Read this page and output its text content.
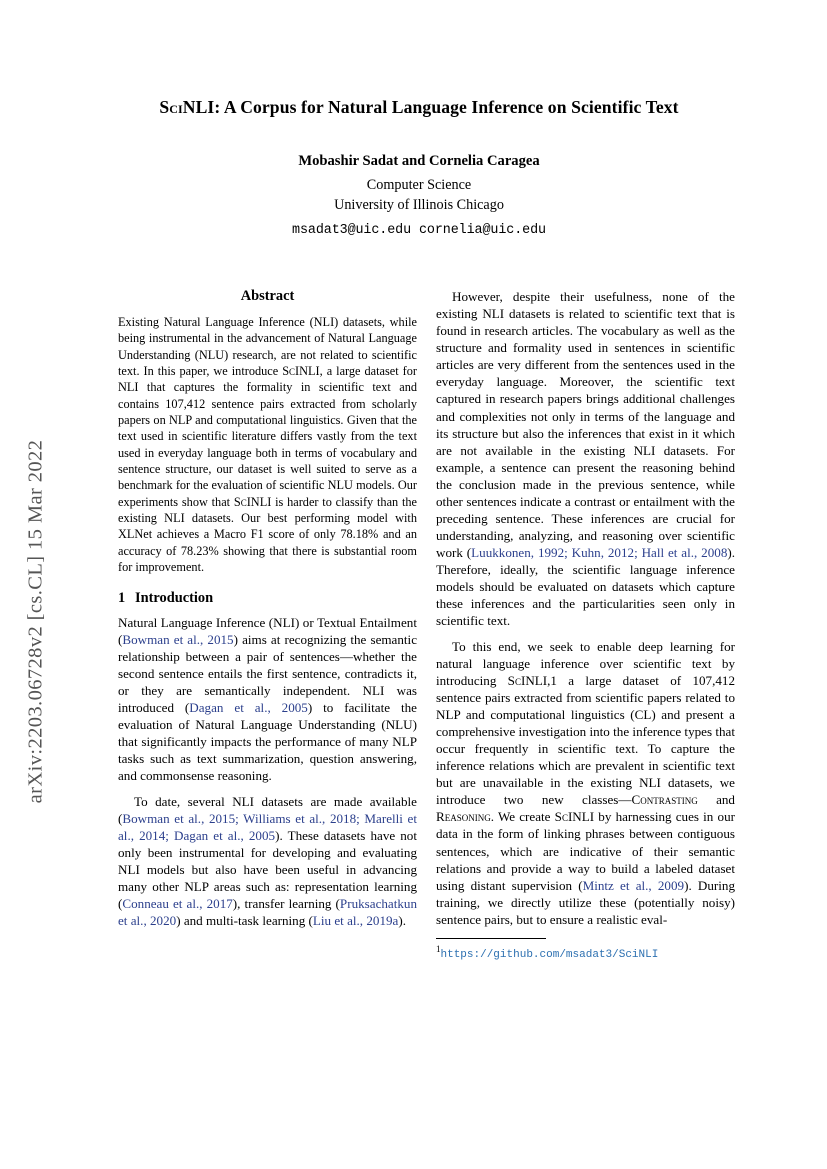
arXiv:2203.06728v2 [cs.CL] 15 Mar 2022
SciNLI: A Corpus for Natural Language Inference on Scientific Text
Mobashir Sadat and Cornelia Caragea
Computer Science
University of Illinois Chicago
msadat3@uic.edu cornelia@uic.edu
Abstract

Existing Natural Language Inference (NLI) datasets, while being instrumental in the advancement of Natural Language Understanding (NLU) research, are not related to scientific text. In this paper, we introduce ScINLI, a large dataset for NLI that captures the formality in scientific text and contains 107,412 sentence pairs extracted from scholarly papers on NLP and computational linguistics. Given that the text used in scientific literature differs vastly from the text used in everyday language both in terms of vocabulary and sentence structure, our dataset is well suited to serve as a benchmark for the evaluation of scientific NLU models. Our experiments show that ScINLI is harder to classify than the existing NLI datasets. Our best performing model with XLNet achieves a Macro F1 score of only 78.18% and an accuracy of 78.23% showing that there is substantial room for improvement.

1 Introduction

Natural Language Inference (NLI) or Textual Entailment (Bowman et al., 2015) aims at recognizing the semantic relationship between a pair of sentences—whether the second sentence entails the first sentence, contradicts it, or they are semantically independent. NLI was introduced (Dagan et al., 2005) to facilitate the evaluation of Natural Language Understanding (NLU) that significantly impacts the performance of many NLP tasks such as text summarization, question answering, and commonsense reasoning.

To date, several NLI datasets are made available (Bowman et al., 2015; Williams et al., 2018; Marelli et al., 2014; Dagan et al., 2005). These datasets have not only been instrumental for developing and evaluating NLI models but also have been useful in advancing many other NLP areas such as: representation learning (Conneau et al., 2017), transfer learning (Pruksachatkun et al., 2020) and multi-task learning (Liu et al., 2019a).

However, despite their usefulness, none of the existing NLI datasets is related to scientific text that is found in research articles. The vocabulary as well as the structure and formality used in sentences in scientific articles are very different from the sentences used in the everyday language. Moreover, the scientific text captured in research papers brings additional challenges and complexities not only in terms of the language and its structure but also the inferences that exist in it which are not available in the existing NLI datasets. For example, a sentence can present the reasoning behind the conclusion made in the previous sentence, while other sentences indicate a contrast or entailment with the preceding sentence. These inferences are crucial for understanding, analyzing, and reasoning over scientific work (Luukkonen, 1992; Kuhn, 2012; Hall et al., 2008). Therefore, ideally, the scientific language inference models should be evaluated on datasets which capture these inferences and the particularities seen only in scientific text.

To this end, we seek to enable deep learning for natural language inference over scientific text by introducing ScINLI,1 a large dataset of 107,412 sentence pairs extracted from scientific papers related to NLP and computational linguistics (CL) and present a comprehensive investigation into the inference types that occur frequently in scientific text. To capture the inference relations which are prevalent in scientific text but are unavailable in the existing NLI datasets, we introduce two new classes—Contrasting and Reasoning. We create ScINLI by harnessing cues in our data in the form of linking phrases between contiguous sentences, which are indicative of their semantic relations and provide a way to build a labeled dataset using distant supervision (Mintz et al., 2009). During training, we directly utilize these (potentially noisy) sentence pairs, but to ensure a realistic eval-

$^1$https://github.com/msadat3/SciNLI
